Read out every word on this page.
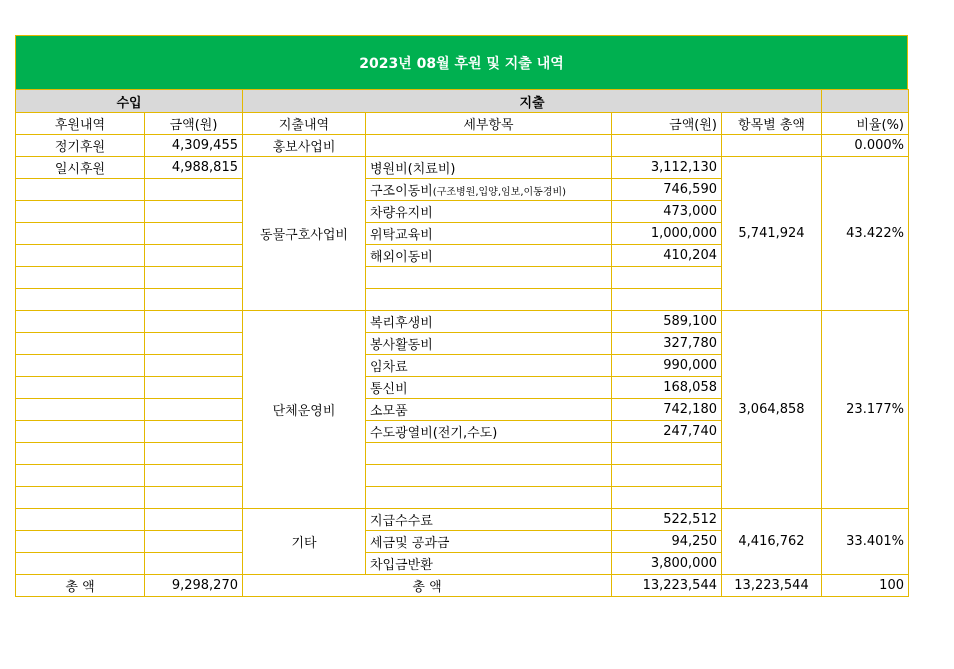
2023년 08월 후원 및 지출 내역
수입		지출				
후원내역	금액(원)	지출내역	세부항목	금액(원)	항목별 총액	비율(%)
정기후원	4,309,455	홍보사업비				0.000%
일시후원	4,988,815	동물구호사업비	병원비(치료비)	3,112,130	5,741,924	43.422%
			구조이동비(구조병원,입양,임보,이동경비)	746,590		
			차량유지비	473,000		
			위탁교육비	1,000,000		
			해외이동비	410,204		

		단체운영비	복리후생비	589,100	3,064,858	23.177%
			봉사활동비	327,780		
			임차료	990,000		
			통신비	168,058		
			소모품	742,180		
			수도광열비(전기,수도)	247,740		

		기타	지급수수료	522,512	4,416,762	33.401%
			세금및 공과금	94,250		
			차입금반환	3,800,000		
총 액	9,298,270	총 액		13,223,544	13,223,544	100
